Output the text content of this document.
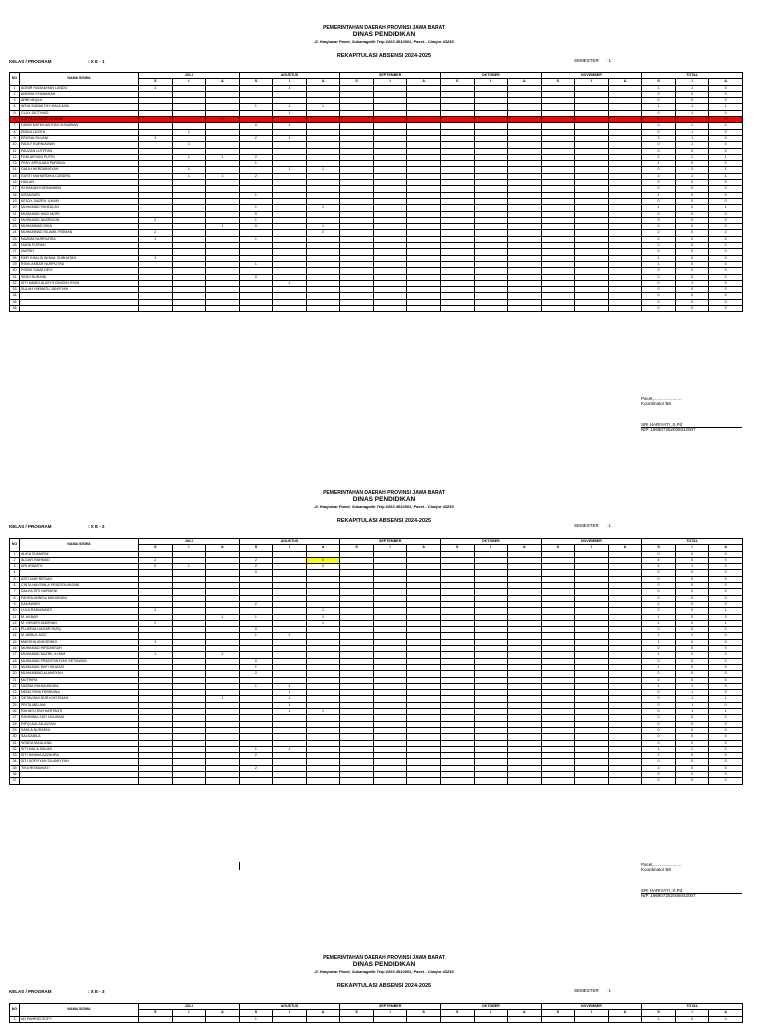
PEMERINTAHAN DAERAH PROVINSI JAWA BARAT
DINAS PENDIDIKAN
Jl. Hanjuwar Pacet, Sukanagalih Telp 0263 4810501, Pacet - Cianjur 43253
REKAPITULASI ABSENSI 2024-2025
KELAS / PROGRAM	: X E - 1	SEMESTER : 1
NO	NAMA SISWA	JULI			AGUSTUS			SEPTEMBER			OKTOBER			NOVEMBER			TOTAL		
		S	I	A	S	I	A	S	I	A	S	I	A	S	I	A	S	I	A
1	AGNIR RAMADHAN LANDO	1				1											1	1	0
2	ANNISA SYAWAHAH																0	0	0
3	ARBI MIQAIL																0	0	0
4	ARYA SUBAKTHY MAULANA				1	1	1										1	1	1
5	CLUX DICTHIUS					1											0	1	0
6	DAFFA ALFARIZI PURNA			0													0	0	0
7	DAVIN KAFKA ANTONI GUNAWAN				0	1											0	1	0
8	ENIDA LUSITA		1														0	1	0
9	ERVINA SILVANI	1			2	1											3	1	0
10	FADLY KURNIAWAN		1														0	1	0
11	FAUZAN LUTFFAN																0	0	0
12	FEBI ARYANI PUTRI		1	1	2												2	1	1
13	FENY APRILIANI PARSIKA				1												1	0	0
14	GALIH HERDIANSYAH		1			1	1										0	2	1
15	GUSTI MAHARDIKA CANDRA		1	1	2												2	1	1
16	HAILAN																0	0	0
17	IN HAKAM KURNIAWAN																0	0	0
18	INTANSARI				1												1	0	0
19	KEICH. NAZRIL ILHAM																0	0	0
20	MUHAMAD FAHZALAH				1		1										1	0	1
21	MUHAMAD HADI MORI				0												0	0	0
22	MUHAMAD NASRUDIN	2			1												3	0	0
23	MUHAMMAD DIKA			1	0		1										0	0	2
24	MUHAMMAD ISLAMIL RISMAN	2					2										2	0	2
25	NAZIMA NURFAZIRA	1			1												2	0	0
26	NURA FIJRIAH																0	0	0
27	NURSH																0	0	0
28	RAFI KHALID AKMAL SUBHATAN	1															1	0	0
29	RISKI AKBAR NURPUTRA				1												1	0	0
30	ROBIK SAMA DEVI																0	0	0
31	SINDI NURAINI				0												0	0	0
32	SITI KAMELIA ASYSYAHIDIN SYAH					1											0	1	0
33	SULAH HIKMATU JANIYYAH																0	0	0
34																	0	0	0
35																	0	0	0
36																	0	0	0
Pacet,......................
Koordinator BK
SRI HARIYATI ,S.Pd
NIP. 196807252006042007
PEMERINTAHAN DAERAH PROVINSI JAWA BARAT
DINAS PENDIDIKAN
Jl. Hanjuwar Pacet, Sukanagalih Telp 0263 4810501, Pacet - Cianjur 43253
REKAPITULASI ABSENSI 2024-2025
KELAS / PROGRAM	: X E - 2	SEMESTER : 1
NO	NAMA SISWA	JULI			AGUSTUS			SEPTEMBER			OKTOBER			NOVEMBER			TOTAL		
		S	I	A	S	I	A	S	I	A	S	I	A	S	I	A	S	I	A
1	ALIKA SUMARNI																0	0	0
2	ALDAR RAHMAD	2			2		0										4	0	0
3	ARI IRIANTO	0	1		2		2										4	1	2
4					0												0	0	0
5	ASTI NUR RIFDAH																0	0	0
6	CINTA NAYSHILA PRADITA ANJANI																0	0	0
7	DALKA SITI NURAENI																0	0	0
8	FAHRA ANNISA MAHARANI																0	0	0
9	KAKAWARI				2												2	0	0
10	LULA RAHMAWATI	2					1										2	0	1
11	M. AKBAR			1	1		1										1	0	2
12	M. HENDRI ANDRIAN	2					1										2	0	1
13	PUJERAH ANTAR RIZIQ				0												0	0	0
14	M. ABDUL AZIZ				1	1											1	1	0
15	MAESHA ANDORINDI	1															1	0	0
16	MUHAMAD HIRDANSAH																0	0	0
17	MUHAMAD NAZRIL ILHAM	1		2													1	0	2
18	MUHAMAD PRADSYAHYAH SETIAWAN				0												0	0	0
19	MUHAMAD RAFI HIDAYAT				1												1	0	0
20	MUHAMMAD ALAMSYAH				2												2	0	0
21	MUTHIRA																0	0	0
22	NAZMA RAHMUNNISA				1	1											1	1	0
23	NENG RINA FEBRIANA					1											0	1	0
24	OKTAVIANI NUR KHOTIMAH			1		1											0	1	1
25	PRITA MELANI					1											0	1	0
26	RAHAYU DWI HARTANTI					1	1										0	1	1
27	RAHMINIA ZATI HULWANI																0	0	0
28	RIFQI AULAD ALFAN																0	0	0
29	SAHLA NURAENI																0	0	0
30	SALSABILA																0	0	0
31	SENDA MAULANA																0	0	0
32	SITI KAILA SALMA				1	1											1	1	0
33	SITI RAHMA AZZAHRA				2												2	0	0
34	SITI SOFIYYAH SILAMIYYAH																0	0	0
35	TIKA RISMAWATI				2												2	0	0
36																	0	0	0
37																	0	0	0
Pacet,......................
Koordinator BK
SRI HARIYATI ,S.Pd
NIP. 196807252006042007
PEMERINTAHAN DAERAH PROVINSI JAWA BARAT
DINAS PENDIDIKAN
Jl. Hanjuwar Pacet, Sukanagalih Telp 0263 4810501, Pacet - Cianjur 43253
REKAPITULASI ABSENSI 2024-2025
KELAS / PROGRAM	: X E - 3	SEMESTER : 1
NO	NAMA SISWA	JULI			AGUSTUS			SEPTEMBER			OKTOBER			NOVEMBER			TOTAL		
		S	I	A	S	I	A	S	I	A	S	I	A	S	I	A	S	I	A
1	AD PAHRIZI SOFY				1												1	0	0
